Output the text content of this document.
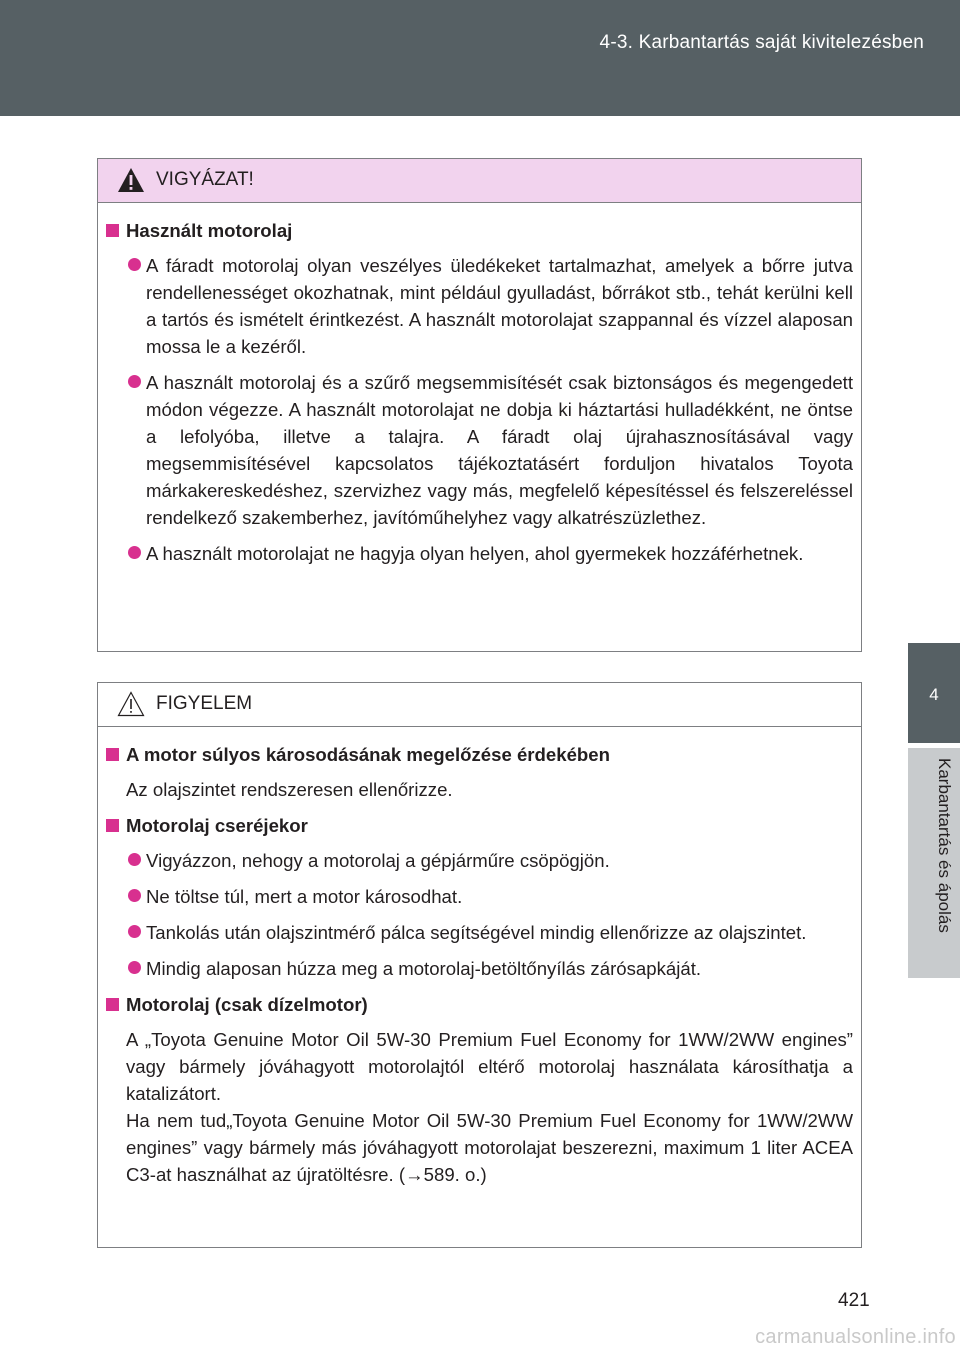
4-3. Karbantartás saját kivitelezésben
4
Karbantartás és ápolás
VIGYÁZAT!
Használt motorolaj
A fáradt motorolaj olyan veszélyes üledékeket tartalmazhat, amelyek a bőrre jutva rendellenességet okozhatnak, mint például gyulladást, bőrrákot stb., tehát kerülni kell a tartós és ismételt érintkezést. A használt motorolajat szappannal és vízzel alaposan mossa le a kezéről.
A használt motorolaj és a szűrő megsemmisítését csak biztonságos és megengedett módon végezze. A használt motorolajat ne dobja ki háztartási hulladékként, ne öntse a lefolyóba, illetve a talajra. A fáradt olaj újrahasznosításával vagy megsemmisítésével kapcsolatos tájékoztatásért forduljon hivatalos Toyota márkakereskedéshez, szervizhez vagy más, megfelelő képesítéssel és felszereléssel rendelkező szakemberhez, javítóműhelyhez vagy alkatrészüzlethez.
A használt motorolajat ne hagyja olyan helyen, ahol gyermekek hozzáférhetnek.
FIGYELEM
A motor súlyos károsodásának megelőzése érdekében
Az olajszintet rendszeresen ellenőrizze.
Motorolaj cseréjekor
Vigyázzon, nehogy a motorolaj a gépjárműre csöpögjön.
Ne töltse túl, mert a motor károsodhat.
Tankolás után olajszintmérő pálca segítségével mindig ellenőrizze az olajszintet.
Mindig alaposan húzza meg a motorolaj-betöltőnyílás zárósapkáját.
Motorolaj (csak dízelmotor)

A „Toyota Genuine Motor Oil 5W-30 Premium Fuel Economy for 1WW/2WW engines” vagy bármely jóváhagyott motorolajtól eltérő motorolaj használata károsíthatja a katalizátort.

Ha nem tud„Toyota Genuine Motor Oil 5W-30 Premium Fuel Economy for 1WW/2WW engines” vagy bármely más jóváhagyott motorolajat beszerezni, maximum 1 liter ACEA C3-at használhat az újratöltésre. (→589. o.)

421
carmanualsonline.info
